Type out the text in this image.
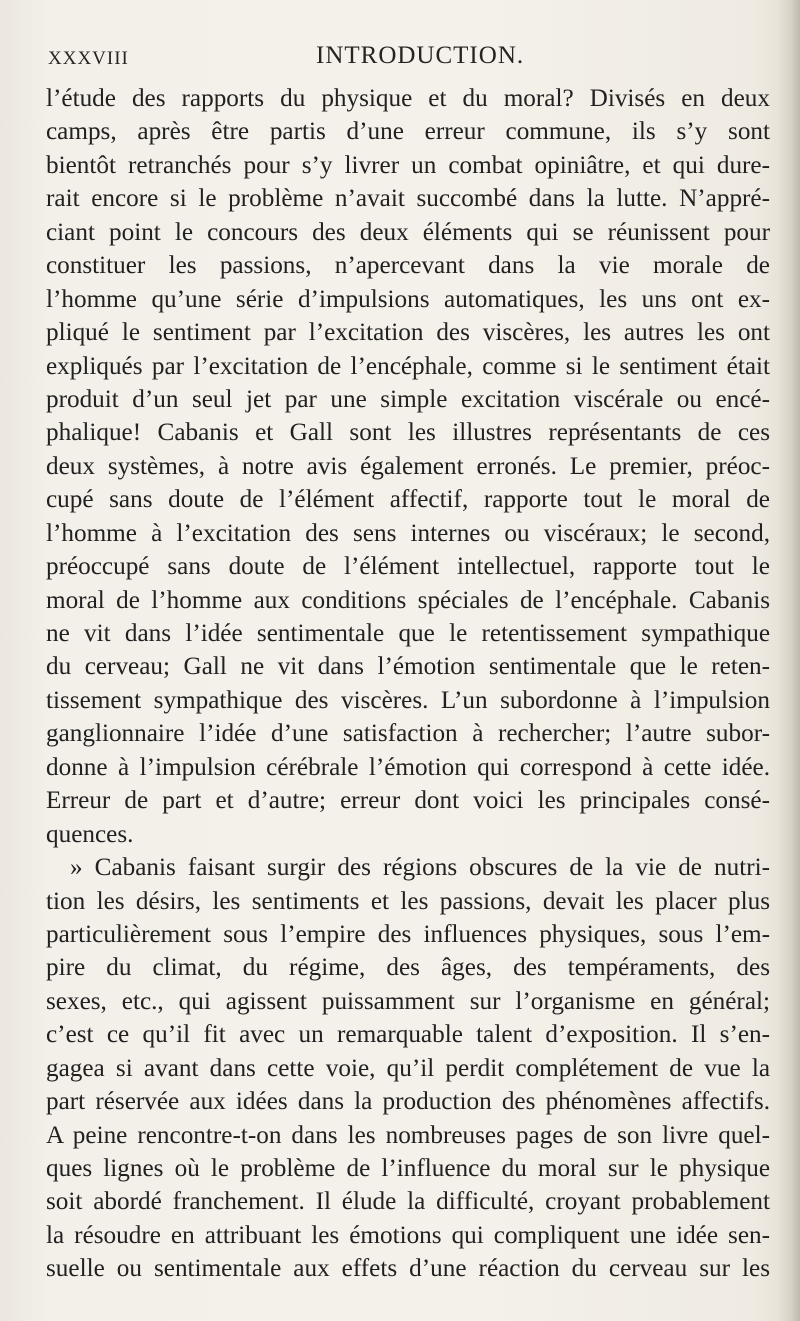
XXXVIII	INTRODUCTION.
l’étude des rapports du physique et du moral? Divisés en deux
camps, après être partis d’une erreur commune, ils s’y sont
bientôt retranchés pour s’y livrer un combat opiniâtre, et qui dure-
rait encore si le problème n’avait succombé dans la lutte. N’appré-
ciant point le concours des deux éléments qui se réunissent pour
constituer les passions, n’apercevant dans la vie morale de
l’homme qu’une série d’impulsions automatiques, les uns ont ex-
pliqué le sentiment par l’excitation des viscères, les autres les ont
expliqués par l’excitation de l’encéphale, comme si le sentiment était
produit d’un seul jet par une simple excitation viscérale ou encé-
phalique! Cabanis et Gall sont les illustres représentants de ces
deux systèmes, à notre avis également erronés. Le premier, préoc-
cupé sans doute de l’élément affectif, rapporte tout le moral de
l’homme à l’excitation des sens internes ou viscéraux; le second,
préoccupé sans doute de l’élément intellectuel, rapporte tout le
moral de l’homme aux conditions spéciales de l’encéphale. Cabanis
ne vit dans l’idée sentimentale que le retentissement sympathique
du cerveau; Gall ne vit dans l’émotion sentimentale que le reten-
tissement sympathique des viscères. L’un subordonne à l’impulsion
ganglionnaire l’idée d’une satisfaction à rechercher; l’autre subor-
donne à l’impulsion cérébrale l’émotion qui correspond à cette idée.
Erreur de part et d’autre; erreur dont voici les principales consé-
quences.
» Cabanis faisant surgir des régions obscures de la vie de nutri-
tion les désirs, les sentiments et les passions, devait les placer plus
particulièrement sous l’empire des influences physiques, sous l’em-
pire du climat, du régime, des âges, des tempéraments, des
sexes, etc., qui agissent puissamment sur l’organisme en général;
c’est ce qu’il fit avec un remarquable talent d’exposition. Il s’en-
gagea si avant dans cette voie, qu’il perdit complétement de vue la
part réservée aux idées dans la production des phénomènes affectifs.
A peine rencontre-t-on dans les nombreuses pages de son livre quel-
ques lignes où le problème de l’influence du moral sur le physique
soit abordé franchement. Il élude la difficulté, croyant probablement
la résoudre en attribuant les émotions qui compliquent une idée sen-
suelle ou sentimentale aux effets d’une réaction du cerveau sur les
